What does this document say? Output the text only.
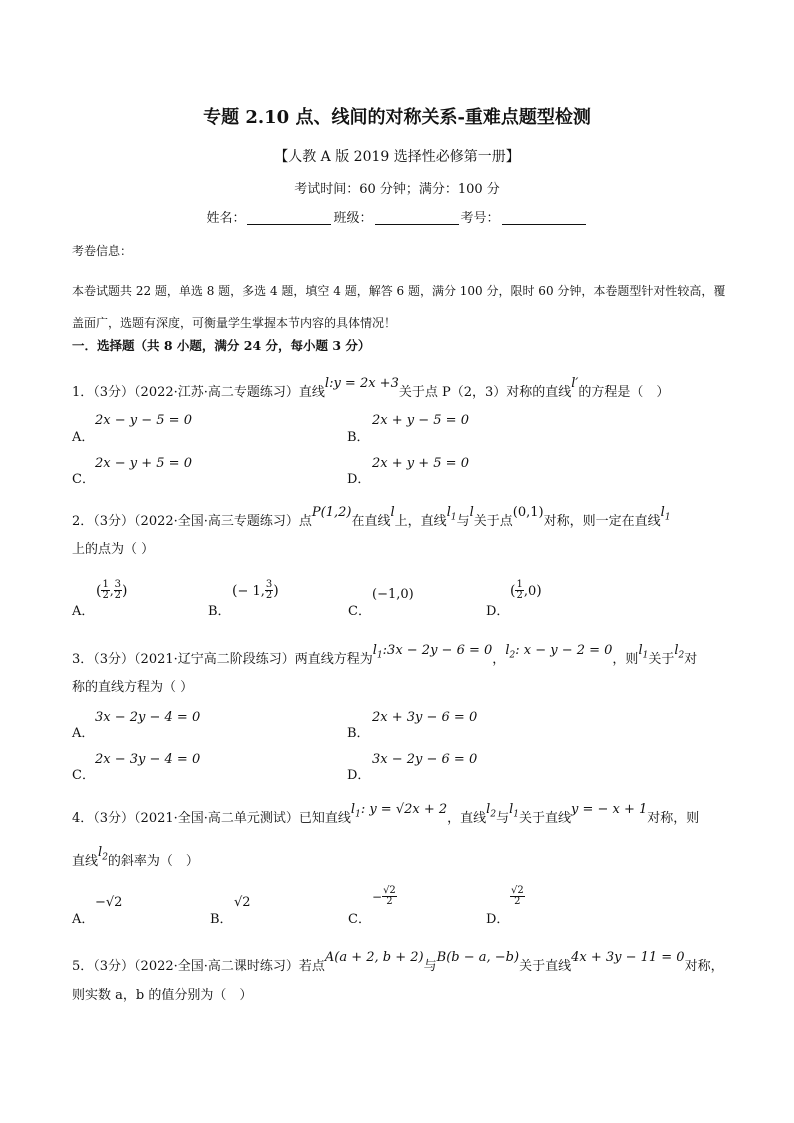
专题 2.10 点、线间的对称关系-重难点题型检测
【人教 A 版 2019 选择性必修第一册】
考试时间：60 分钟；满分：100 分
姓名：	班级：	考号：
考卷信息：
本卷试题共 22 题，单选 8 题，多选 4 题，填空 4 题，解答 6 题，满分 100 分，限时 60 分钟，本卷题型针对性较高，覆盖面广，选题有深度，可衡量学生掌握本节内容的具体情况！
一．选择题（共 8 小题，满分 24 分，每小题 3 分）
1．（3分）（2022·江苏·高二专题练习）直线l:y = 2x +3关于点 P（2，3）对称的直线l′的方程是（　）
A．
2x − y − 5 = 0
B．
2x + y − 5 = 0
C．
2x − y + 5 = 0
D．
2x + y + 5 = 0
2．（3分）（2022·全国·高三专题练习）点P(1,2)在直线l上，直线$l_1$与l关于点(0,1)对称，则一定在直线$l_1$
上的点为（ ）
A．
( $\frac{1}{2}$ , $\frac{3}{2}$ )
B．
(− 1, $\frac{3}{2}$ )
C．
(−1,0)
D．
( $\frac{1}{2} ,0$)
3．（3分）（2021·辽宁高二阶段练习）两直线方程为$l_1:3x - 2y - 6 = 0$，$l_2$: x − y − 2 = 0，则$l_1$关于$l_2$对
称的直线方程为（ ）
A．
3x − 2y − 4 = 0
B．
2x + 3y − 6 = 0
C．
2x − 3y − 4 = 0
D．
3x − 2y − 6 = 0
4．（3分）（2021·全国·高二单元测试）已知直线$l_1$: y = √2x + 2，直线$l_2$与$l_1$关于直线y = − x + 1对称，则
直线$l_2$的斜率为（　）
A．
−√2
B．
√2
C．
− $\frac{√2}{2}$
D．
$\frac{√2}{2}$
5．（3分）（2022·全国·高二课时练习）若点A(a + 2, b + 2)与B(b − a, −b)关于直线4x + 3y − 11 = 0对称，
则实数 a，b 的值分别为（　）
